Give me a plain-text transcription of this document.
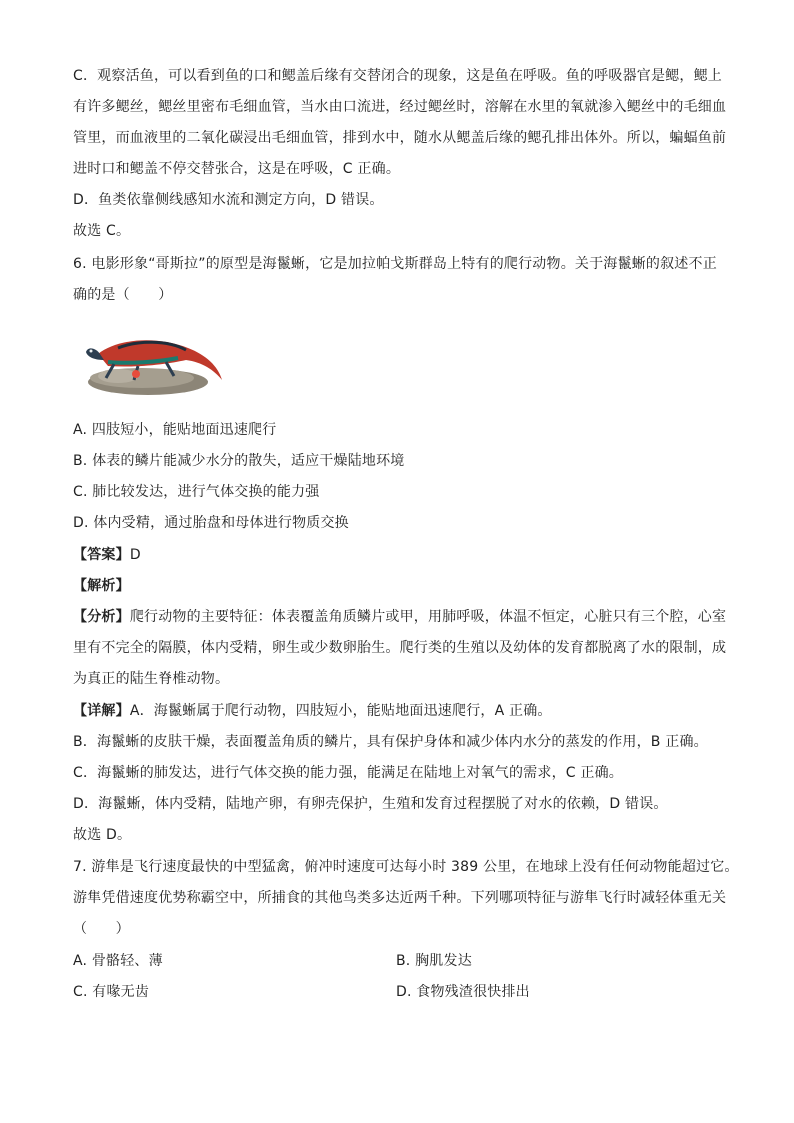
C．观察活鱼，可以看到鱼的口和鳃盖后缘有交替闭合的现象，这是鱼在呼吸。鱼的呼吸器官是鳃，鳃上
有许多鳃丝，鳃丝里密布毛细血管，当水由口流进，经过鳃丝时，溶解在水里的氧就渗入鳃丝中的毛细血
管里，而血液里的二氧化碳浸出毛细血管，排到水中，随水从鳃盖后缘的鳃孔排出体外。所以，蝙蝠鱼前
进时口和鳃盖不停交替张合，这是在呼吸，C 正确。
D．鱼类依靠侧线感知水流和测定方向，D 错误。
故选 C。
6. 电影形象“哥斯拉”的原型是海鬣蜥，它是加拉帕戈斯群岛上特有的爬行动物。关于海鬣蜥的叙述不正
确的是（　　）
A. 四肢短小，能贴地面迅速爬行
B. 体表的鳞片能减少水分的散失，适应干燥陆地环境
C. 肺比较发达，进行气体交换的能力强
D. 体内受精，通过胎盘和母体进行物质交换
【答案】D
【解析】
【分析】爬行动物的主要特征：体表覆盖角质鳞片或甲，用肺呼吸，体温不恒定，心脏只有三个腔，心室
里有不完全的隔膜，体内受精，卵生或少数卵胎生。爬行类的生殖以及幼体的发育都脱离了水的限制，成
为真正的陆生脊椎动物。
【详解】A．海鬣蜥属于爬行动物，四肢短小，能贴地面迅速爬行，A 正确。
B．海鬣蜥的皮肤干燥，表面覆盖角质的鳞片，具有保护身体和减少体内水分的蒸发的作用，B 正确。
C．海鬣蜥的肺发达，进行气体交换的能力强，能满足在陆地上对氧气的需求，C 正确。
D．海鬣蜥，体内受精，陆地产卵，有卵壳保护，生殖和发育过程摆脱了对水的依赖，D 错误。
故选 D。
7. 游隼是飞行速度最快的中型猛禽，俯冲时速度可达每小时 389 公里，在地球上没有任何动物能超过它。
游隼凭借速度优势称霸空中，所捕食的其他鸟类多达近两千种。下列哪项特征与游隼飞行时减轻体重无关
（　　）
A. 骨骼轻、薄	B. 胸肌发达
C. 有喙无齿	D. 食物残渣很快排出
